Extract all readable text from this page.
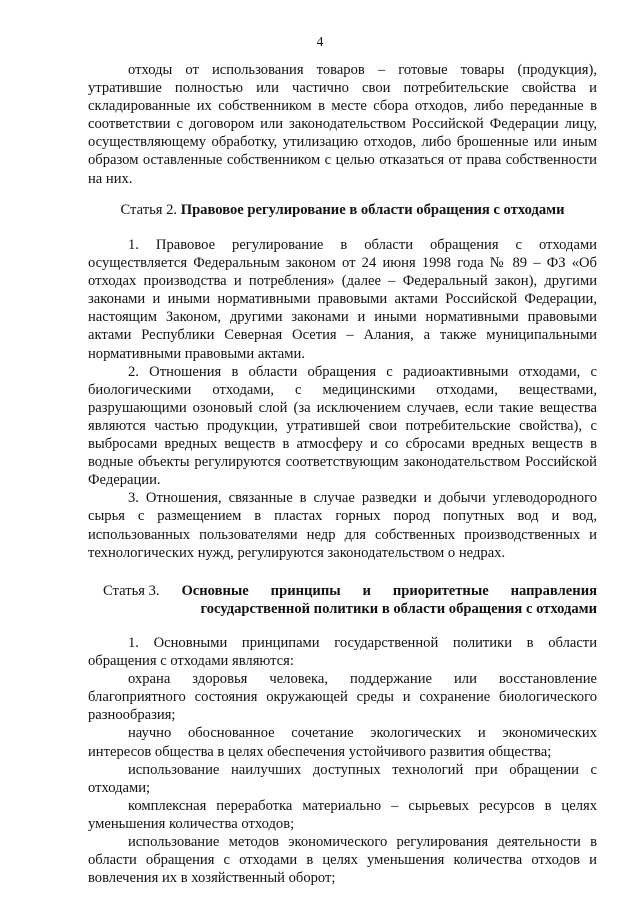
4

отходы от использования товаров – готовые товары (продукция), утратившие полностью или частично свои потребительские свойства и складированные их собственником в месте сбора отходов, либо переданные в соответствии с договором или законодательством Российской Федерации лицу, осуществляющему обработку, утилизацию отходов, либо брошенные или иным образом оставленные собственником с целью отказаться от права собственности на них.

Статья 2. Правовое регулирование в области обращения с отходами

1. Правовое регулирование в области обращения с отходами осуществляется Федеральным законом от 24 июня 1998 года № 89 – ФЗ «Об отходах производства и потребления» (далее – Федеральный закон), другими законами и иными нормативными правовыми актами Российской Федерации, настоящим Законом, другими законами и иными нормативными правовыми актами Республики Северная Осетия – Алания, а также муниципальными нормативными правовыми актами.

2. Отношения в области обращения с радиоактивными отходами, с биологическими отходами, с медицинскими отходами, веществами, разрушающими озоновый слой (за исключением случаев, если такие вещества являются частью продукции, утратившей свои потребительские свойства), с выбросами вредных веществ в атмосферу и со сбросами вредных веществ в водные объекты регулируются соответствующим законодательством Российской Федерации.

3. Отношения, связанные в случае разведки и добычи углеводородного сырья с размещением в пластах горных пород попутных вод и вод, использованных пользователями недр для собственных производственных и технологических нужд, регулируются законодательством о недрах.

Статья 3. Основные принципы и приоритетные направления
государственной политики в области обращения с отходами

1. Основными принципами государственной политики в области обращения с отходами являются:

охрана здоровья человека, поддержание или восстановление благоприятного состояния окружающей среды и сохранение биологического разнообразия;

научно обоснованное сочетание экологических и экономических интересов общества в целях обеспечения устойчивого развития общества;

использование наилучших доступных технологий при обращении с отходами;

комплексная переработка материально – сырьевых ресурсов в целях уменьшения количества отходов;

использование методов экономического регулирования деятельности в области обращения с отходами в целях уменьшения количества отходов и вовлечения их в хозяйственный оборот;
